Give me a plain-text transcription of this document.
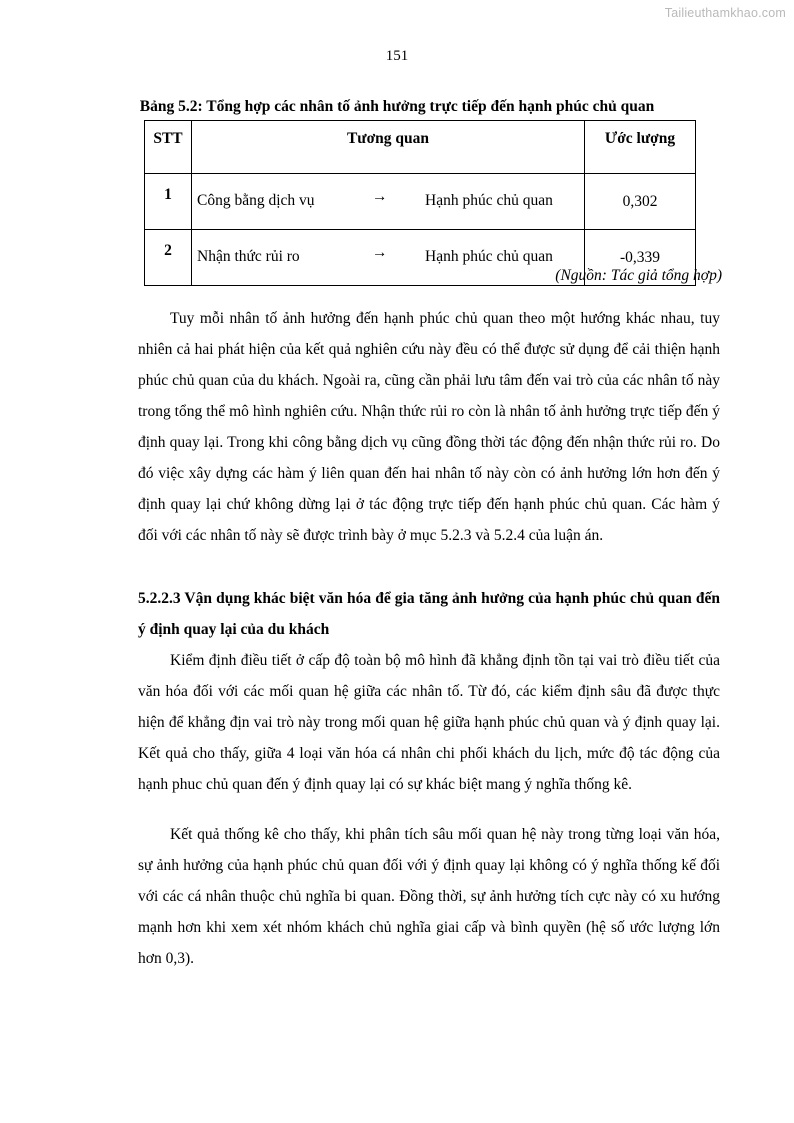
Tailieuthamkhao.com
151
Bảng 5.2: Tổng hợp các nhân tố ảnh hưởng trực tiếp đến hạnh phúc chủ quan
STT	Tương quan	Ước lượng
1	Công bằng dịch vụ → Hạnh phúc chủ quan	0,302
2	Nhận thức rủi ro → Hạnh phúc chủ quan	-0,339
(Nguồn: Tác giả tổng hợp)

Tuy mỗi nhân tố ảnh hưởng đến hạnh phúc chủ quan theo một hướng khác nhau, tuy nhiên cả hai phát hiện của kết quả nghiên cứu này đều có thể được sử dụng để cải thiện hạnh phúc chủ quan của du khách. Ngoài ra, cũng cần phải lưu tâm đến vai trò của các nhân tố này trong tổng thể mô hình nghiên cứu. Nhận thức rủi ro còn là nhân tố ảnh hưởng trực tiếp đến ý định quay lại. Trong khi công bằng dịch vụ cũng đồng thời tác động đến nhận thức rủi ro. Do đó việc xây dựng các hàm ý liên quan đến hai nhân tố này còn có ảnh hưởng lớn hơn đến ý định quay lại chứ không dừng lại ở tác động trực tiếp đến hạnh phúc chủ quan. Các hàm ý đối với các nhân tố này sẽ được trình bày ở mục 5.2.3 và 5.2.4 của luận án.

5.2.2.3 Vận dụng khác biệt văn hóa để gia tăng ảnh hưởng của hạnh phúc chủ quan đến ý định quay lại của du khách

Kiểm định điều tiết ở cấp độ toàn bộ mô hình đã khẳng định tồn tại vai trò điều tiết của văn hóa đối với các mối quan hệ giữa các nhân tố. Từ đó, các kiểm định sâu đã được thực hiện để khẳng địn vai trò này trong mối quan hệ giữa hạnh phúc chủ quan và ý định quay lại. Kết quả cho thấy, giữa 4 loại văn hóa cá nhân chi phối khách du lịch, mức độ tác động của hạnh phuc chủ quan đến ý định quay lại có sự khác biệt mang ý nghĩa thống kê.

Kết quả thống kê cho thấy, khi phân tích sâu mối quan hệ này trong từng loại văn hóa, sự ảnh hưởng của hạnh phúc chủ quan đối với ý định quay lại không có ý nghĩa thống kế đối với các cá nhân thuộc chủ nghĩa bi quan. Đồng thời, sự ảnh hưởng tích cực này có xu hướng mạnh hơn khi xem xét nhóm khách chủ nghĩa giai cấp và bình quyền (hệ số ước lượng lớn hơn 0,3).
